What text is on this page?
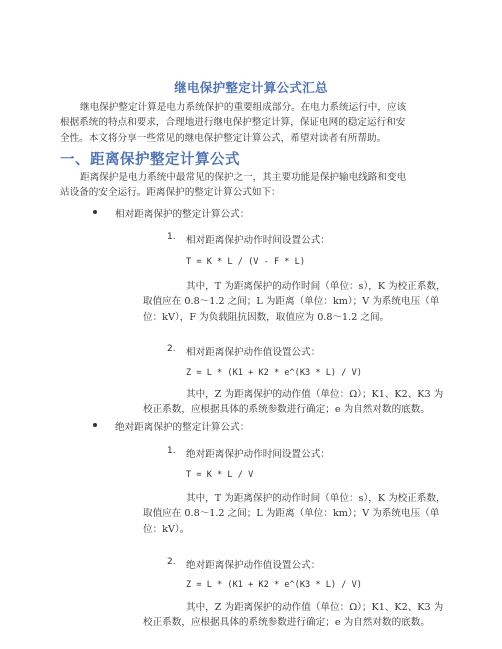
继电保护整定计算公式汇总
继电保护整定计算是电力系统保护的重要组成部分。在电力系统运行中，应该
根据系统的特点和要求，合理地进行继电保护整定计算，保证电网的稳定运行和安
全性。本文将分享一些常见的继电保护整定计算公式，希望对读者有所帮助。
一、距离保护整定计算公式
距离保护是电力系统中最常见的保护之一，其主要功能是保护输电线路和变电
站设备的安全运行。距离保护的整定计算公式如下：
相对距离保护的整定计算公式：
1. 相对距离保护动作时间设置公式：
T = K * L / (V - F * L)
其中，T 为距离保护的动作时间（单位：s），K 为校正系数，
取值应在 0.8～1.2 之间；L 为距离（单位：km）；V 为系统电压（单
位：kV），F 为负载阻抗因数，取值应为 0.8～1.2 之间。
2. 相对距离保护动作值设置公式：
Z = L * (K1 + K2 * e^(K3 * L) / V)
其中，Z 为距离保护的动作值（单位：Ω）；K1、K2、K3 为
校正系数，应根据具体的系统参数进行确定；e 为自然对数的底数。
绝对距离保护的整定计算公式：
1. 绝对距离保护动作时间设置公式：
T = K * L / V
其中，T 为距离保护的动作时间（单位：s），K 为校正系数，
取值应在 0.8～1.2 之间；L 为距离（单位：km）；V 为系统电压（单
位：kV）。
2. 绝对距离保护动作值设置公式：
Z = L * (K1 + K2 * e^(K3 * L) / V)
其中，Z 为距离保护的动作值（单位：Ω）；K1、K2、K3 为
校正系数，应根据具体的系统参数进行确定；e 为自然对数的底数。
